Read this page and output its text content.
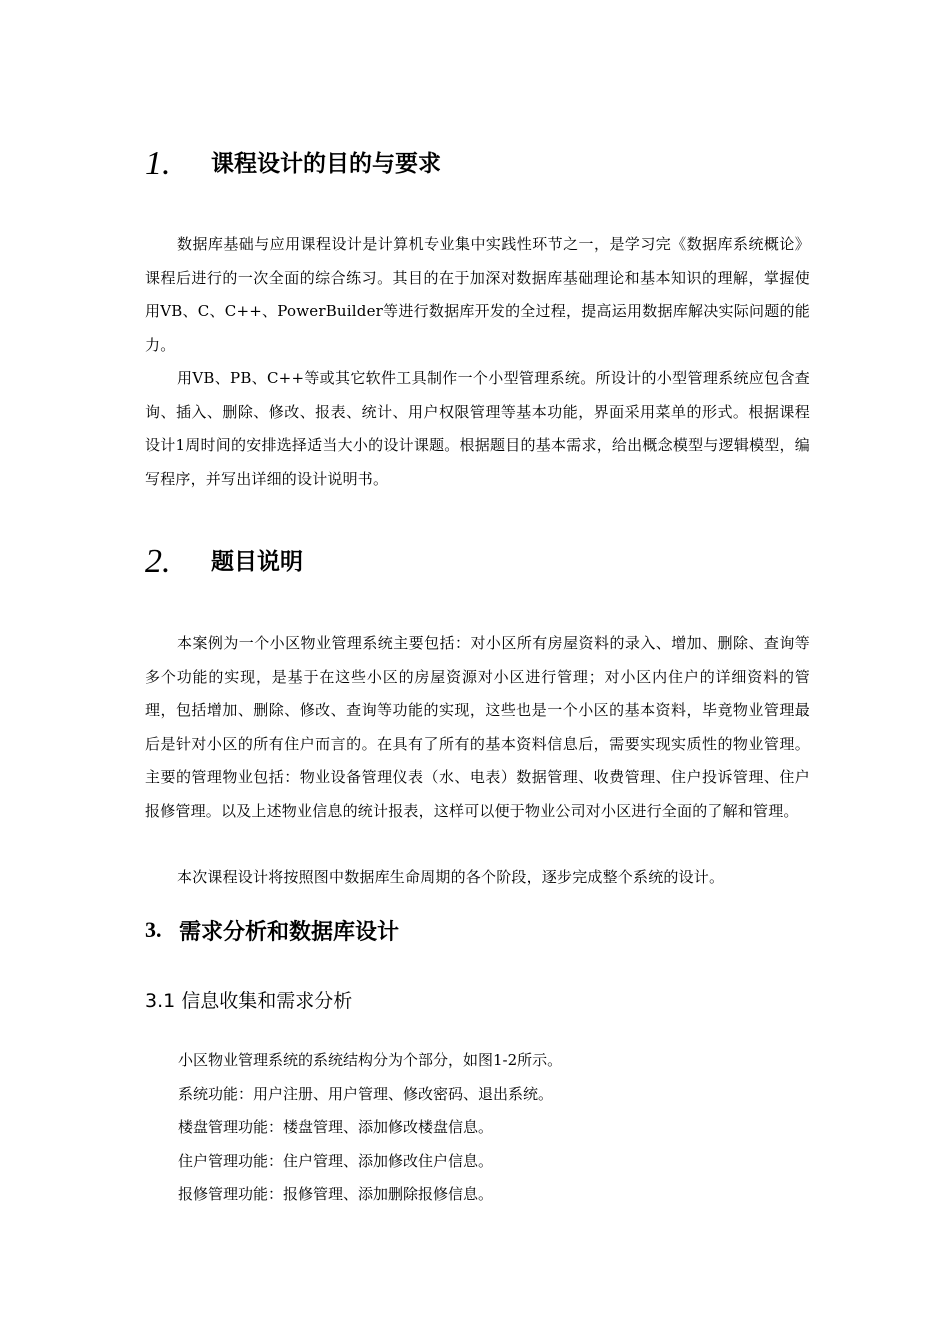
1.	课程设计的目的与要求

数据库基础与应用课程设计是计算机专业集中实践性环节之一，是学习完《数据库系统概论》课程后进行的一次全面的综合练习。其目的在于加深对数据库基础理论和基本知识的理解，掌握使用VB、C、C++、PowerBuilder等进行数据库开发的全过程，提高运用数据库解决实际问题的能力。

用VB、PB、C++等或其它软件工具制作一个小型管理系统。所设计的小型管理系统应包含查询、插入、删除、修改、报表、统计、用户权限管理等基本功能，界面采用菜单的形式。根据课程设计1周时间的安排选择适当大小的设计课题。根据题目的基本需求，给出概念模型与逻辑模型，编写程序，并写出详细的设计说明书。

2.	题目说明

本案例为一个小区物业管理系统主要包括：对小区所有房屋资料的录入、增加、删除、查询等多个功能的实现，是基于在这些小区的房屋资源对小区进行管理；对小区内住户的详细资料的管理，包括增加、删除、修改、查询等功能的实现，这些也是一个小区的基本资料，毕竟物业管理最后是针对小区的所有住户而言的。在具有了所有的基本资料信息后，需要实现实质性的物业管理。主要的管理物业包括：物业设备管理仪表（水、电表）数据管理、收费管理、住户投诉管理、住户报修管理。以及上述物业信息的统计报表，这样可以便于物业公司对小区进行全面的了解和管理。

本次课程设计将按照图中数据库生命周期的各个阶段，逐步完成整个系统的设计。

3. 需求分析和数据库设计
3.1 信息收集和需求分析
小区物业管理系统的系统结构分为个部分，如图1-2所示。
系统功能：用户注册、用户管理、修改密码、退出系统。
楼盘管理功能：楼盘管理、添加修改楼盘信息。
住户管理功能：住户管理、添加修改住户信息。
报修管理功能：报修管理、添加删除报修信息。
